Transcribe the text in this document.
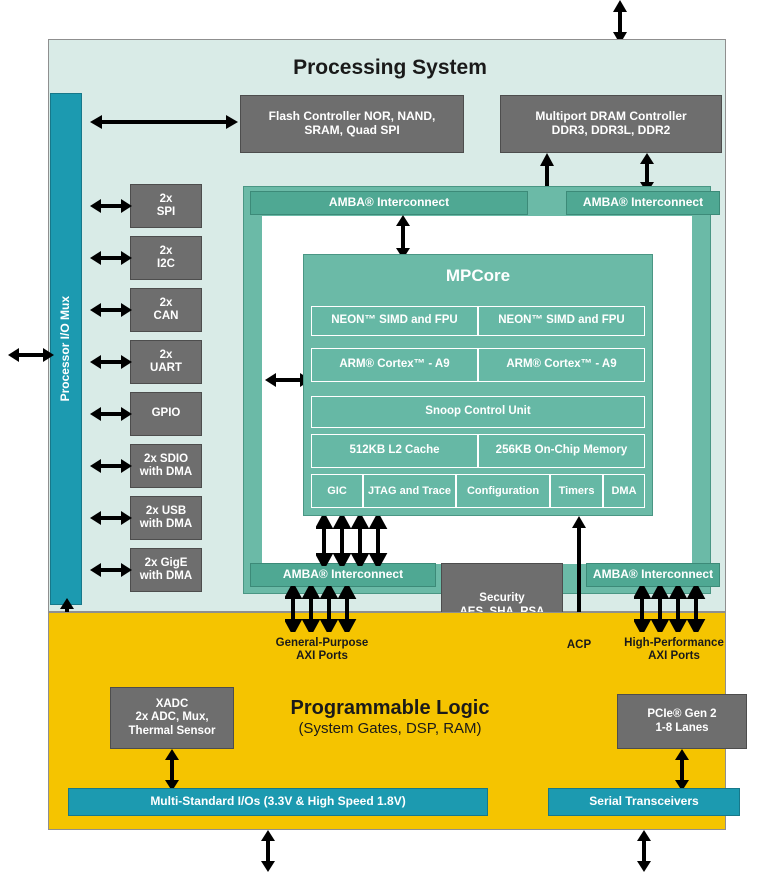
Processing System
Processor I/O Mux
Flash Controller NOR, NAND,
SRAM, Quad SPI
Multiport DRAM Controller
DDR3, DDR3L, DDR2
2x
SPI
2x
I2C
2x
CAN
2x
UART
GPIO
2x SDIO
with DMA
2x USB
with DMA
2x GigE
with DMA
AMBA® Interconnect	AMBA® Interconnect
AMBA® Interconnect	AMBA® Interconnect
MPCore
NEON™ SIMD and FPU	NEON™ SIMD and FPU
ARM® Cortex™ - A9	ARM® Cortex™ - A9
Snoop Control Unit
512KB L2 Cache	256KB On-Chip Memory
GIC JTAG and Trace Configuration Timers DMA
Security
Programmable Logic
(System Gates, DSP, RAM)
General-Purpose
AXI Ports
ACP	High-Performance
AXI Ports
XADC
2x ADC, Mux,
Thermal Sensor
PCIe® Gen 2
1-8 Lanes
Multi-Standard I/Os (3.3V & High Speed 1.8V)	Serial Transceivers
